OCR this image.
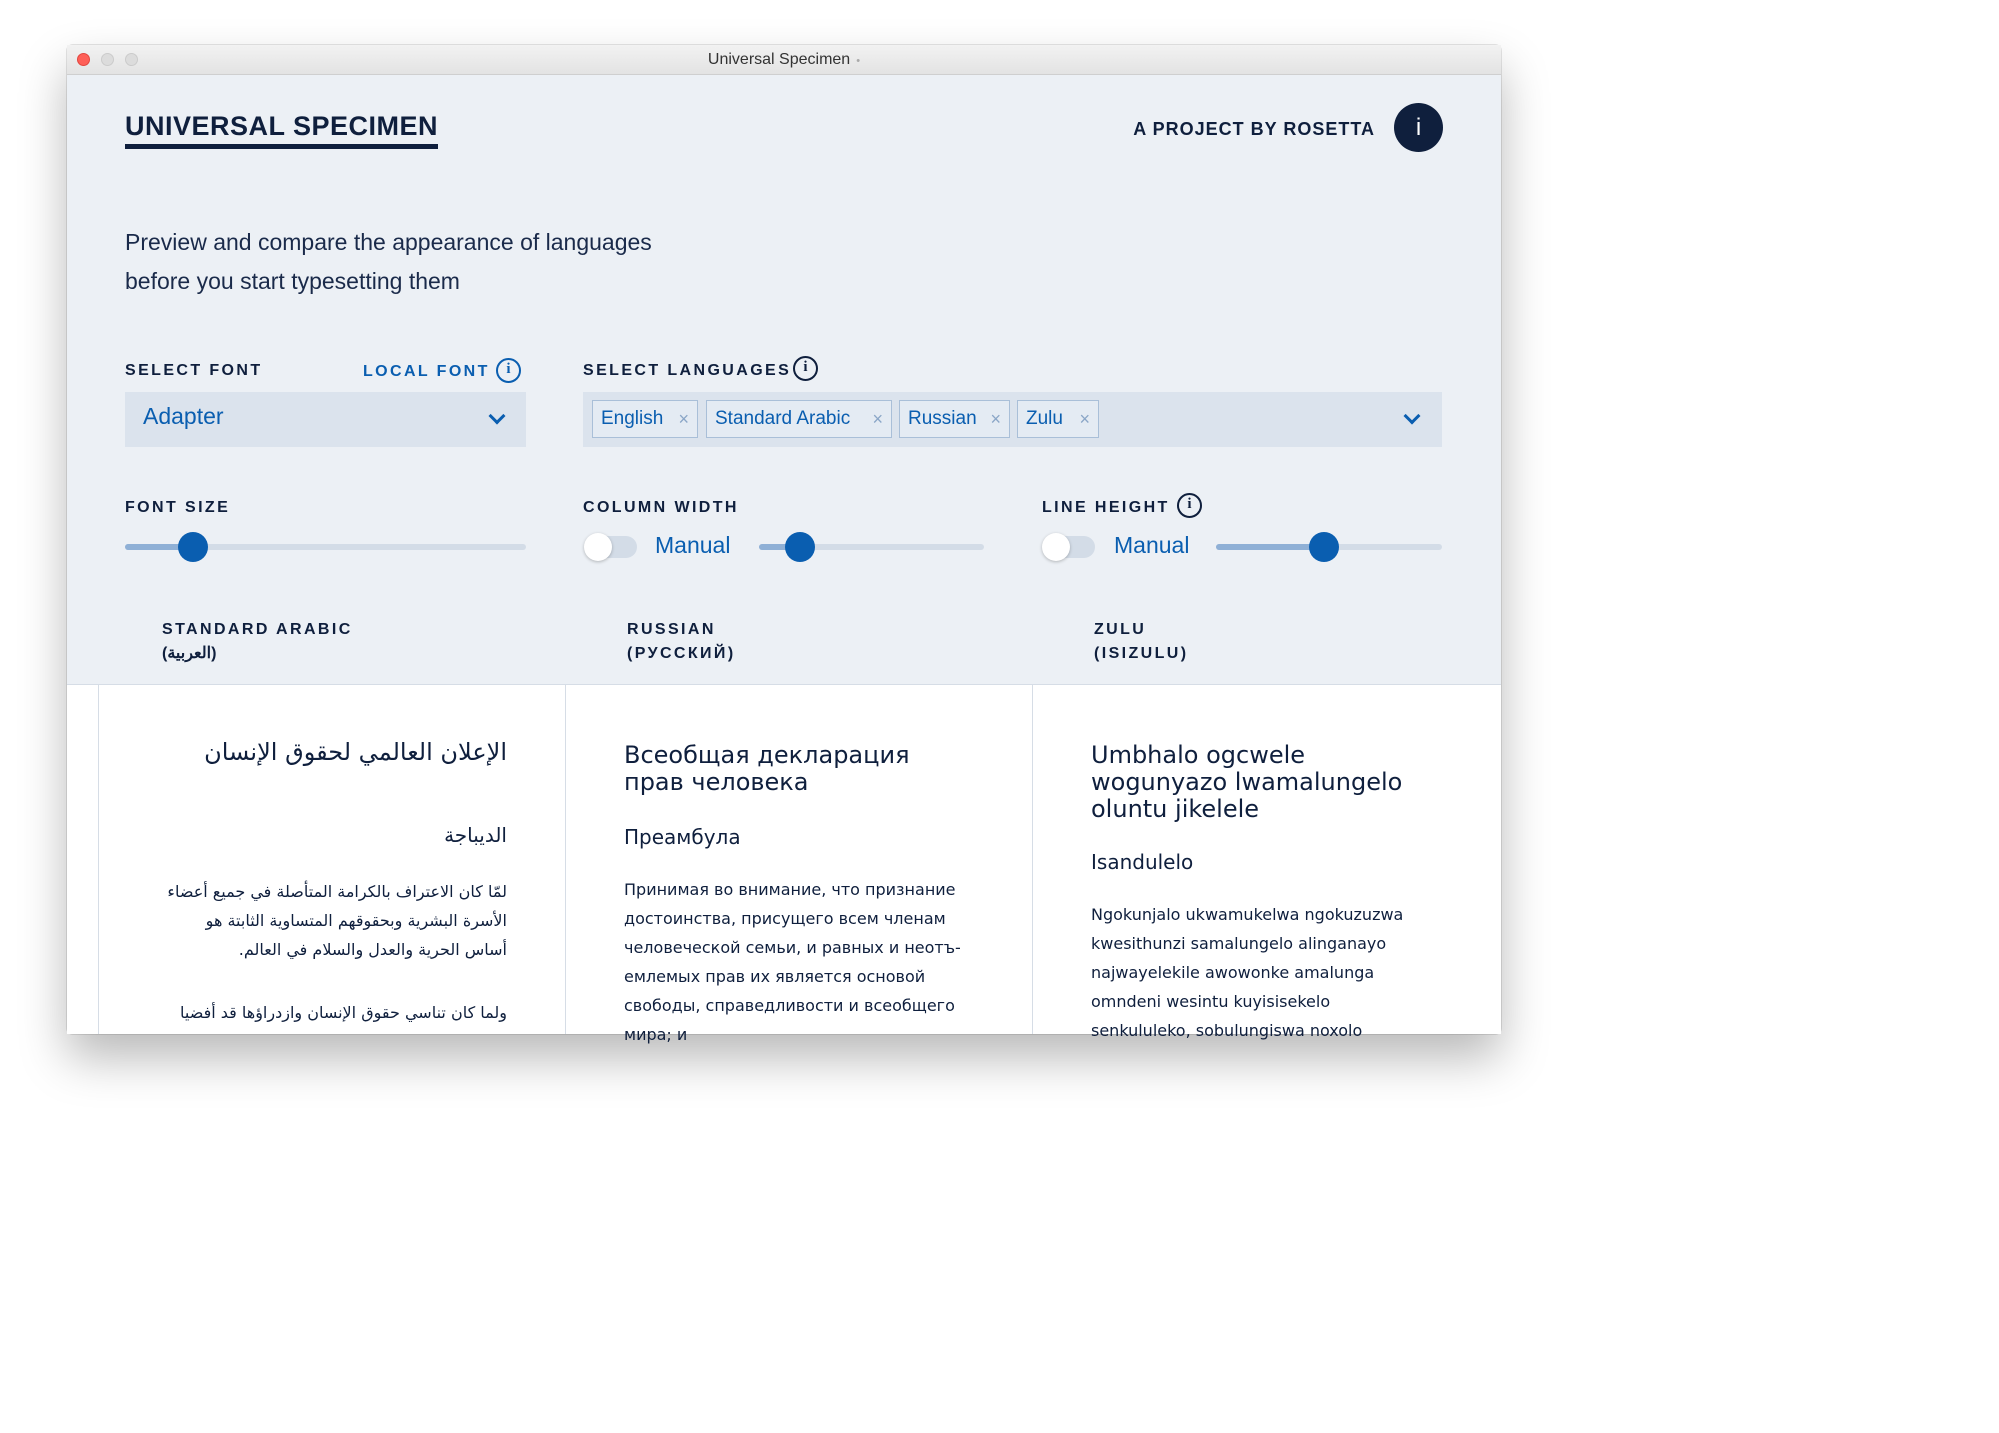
Universal Specimen •
UNIVERSAL SPECIMEN	A PROJECT BY ROSETTA	i
Preview and compare the appearance of languages
before you start typesetting them
SELECT FONT	LOCAL FONT	i
Adapter
SELECT LANGUAGES i
English ×	Standard Arabic ×	Russian ×	Zulu ×
FONT SIZE	COLUMN WIDTH
Manual
LINE HEIGHT	i
Manual
STANDARD ARABIC
(العربية)
RUSSIAN
(РУССКИЙ)
ZULU
(ISIZULU)
الإعلان العالمي لحقوق الإنسان
الديباجة
لمّا كان الاعتراف بالكرامة المتأصلة في جميع أعضاء
الأسرة البشرية وبحقوقهم المتساوية الثابتة هو
أساس الحرية والعدل والسلام في العالم.
ولما كان تناسي حقوق الإنسان وازدراؤها قد أفضيا
Всеобщая декларация
прав человека
Преамбула
Принимая во внимание, что признание
достоинства, присущего всем членам
человеческой семьи, и равных и неотъ-
емлемых прав их является основой
свободы, справедливости и всеобщего
мира; и
Umbhalo ogcwele
wogunyazo lwamalungelo
oluntu jikelele
Isandulelo
Ngokunjalo ukwamukelwa ngokuzuzwa
kwesithunzi samalungelo alinganayo
najwayelekile awowonke amalunga
omndeni wesintu kuyisisekelo
senkululeko, sobulungiswa noxolo
